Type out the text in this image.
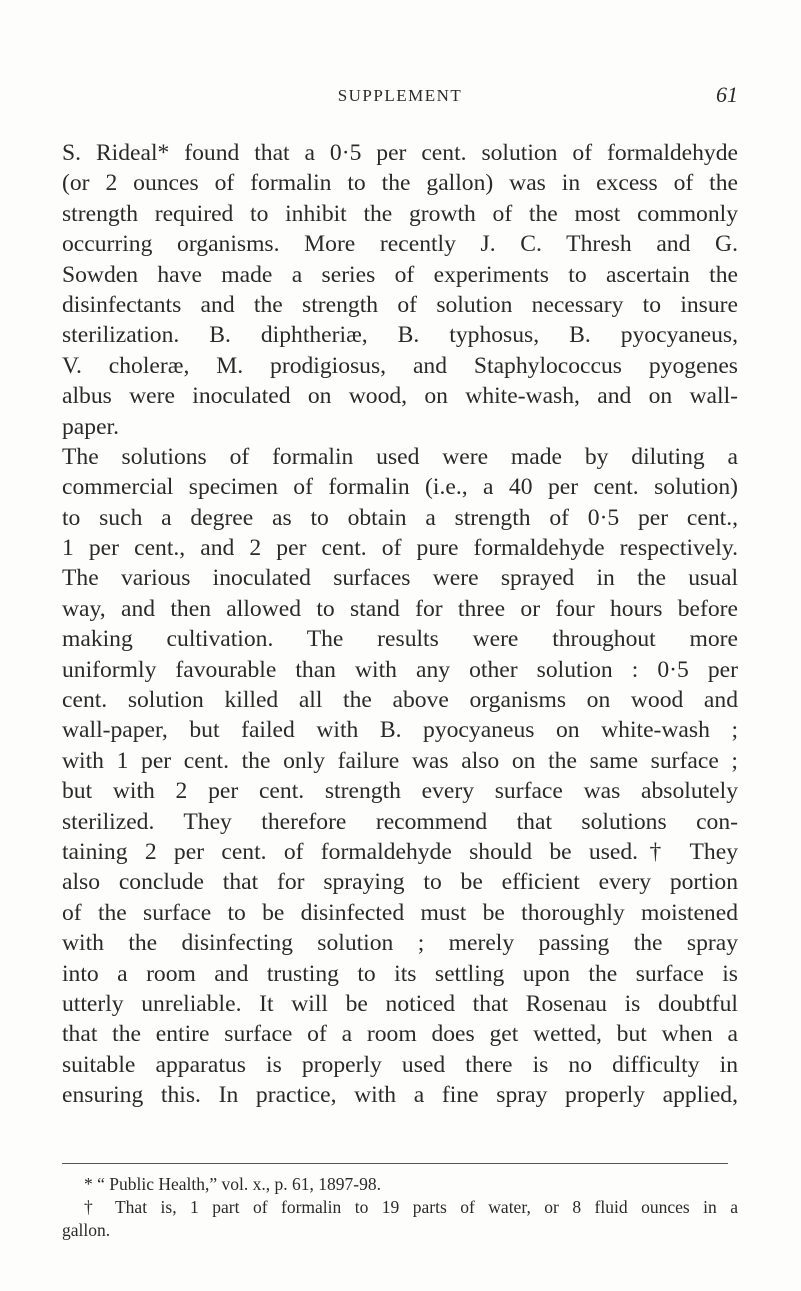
SUPPLEMENT	61
S. Rideal* found that a 0·5 per cent. solution of formaldehyde
(or 2 ounces of formalin to the gallon) was in excess of the
strength required to inhibit the growth of the most commonly
occurring organisms. More recently J. C. Thresh and G.
Sowden have made a series of experiments to ascertain the
disinfectants and the strength of solution necessary to insure
sterilization. B. diphtheriæ, B. typhosus, B. pyocyaneus,
V. choleræ, M. prodigiosus, and Staphylococcus pyogenes
albus were inoculated on wood, on white-wash, and on wall-
paper.
The solutions of formalin used were made by diluting a
commercial specimen of formalin (i.e., a 40 per cent. solution)
to such a degree as to obtain a strength of 0·5 per cent.,
1 per cent., and 2 per cent. of pure formaldehyde respectively.
The various inoculated surfaces were sprayed in the usual
way, and then allowed to stand for three or four hours before
making cultivation. The results were throughout more
uniformly favourable than with any other solution : 0·5 per
cent. solution killed all the above organisms on wood and
wall-paper, but failed with B. pyocyaneus on white-wash ;
with 1 per cent. the only failure was also on the same surface ;
but with 2 per cent. strength every surface was absolutely
sterilized. They therefore recommend that solutions con-
taining 2 per cent. of formaldehyde should be used.† They
also conclude that for spraying to be efficient every portion
of the surface to be disinfected must be thoroughly moistened
with the disinfecting solution ; merely passing the spray
into a room and trusting to its settling upon the surface is
utterly unreliable. It will be noticed that Rosenau is doubtful
that the entire surface of a room does get wetted, but when a
suitable apparatus is properly used there is no difficulty in
ensuring this. In practice, with a fine spray properly applied,
* “ Public Health,” vol. x., p. 61, 1897-98.
† That is, 1 part of formalin to 19 parts of water, or 8 fluid ounces in a
gallon.
